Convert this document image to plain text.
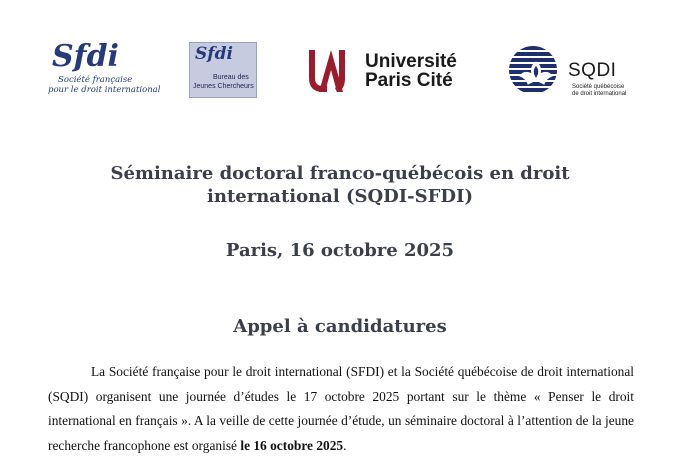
Sfdi
Société française
pour le droit international
Sfdi
Bureau des
Jeunes Chercheurs
Université
Paris Cité	SQDI
Société québécoise
de droit international
Séminaire doctoral franco-québécois en droit international (SQDI-SFDI)
Paris, 16 octobre 2025
Appel à candidatures

La Société française pour le droit international (SFDI) et la Société québécoise de droit international (SQDI) organisent une journée d’études le 17 octobre 2025 portant sur le thème « Penser le droit international en français ». A la veille de cette journée d’étude, un séminaire doctoral à l’attention de la jeune recherche francophone est organisé le 16 octobre 2025.
